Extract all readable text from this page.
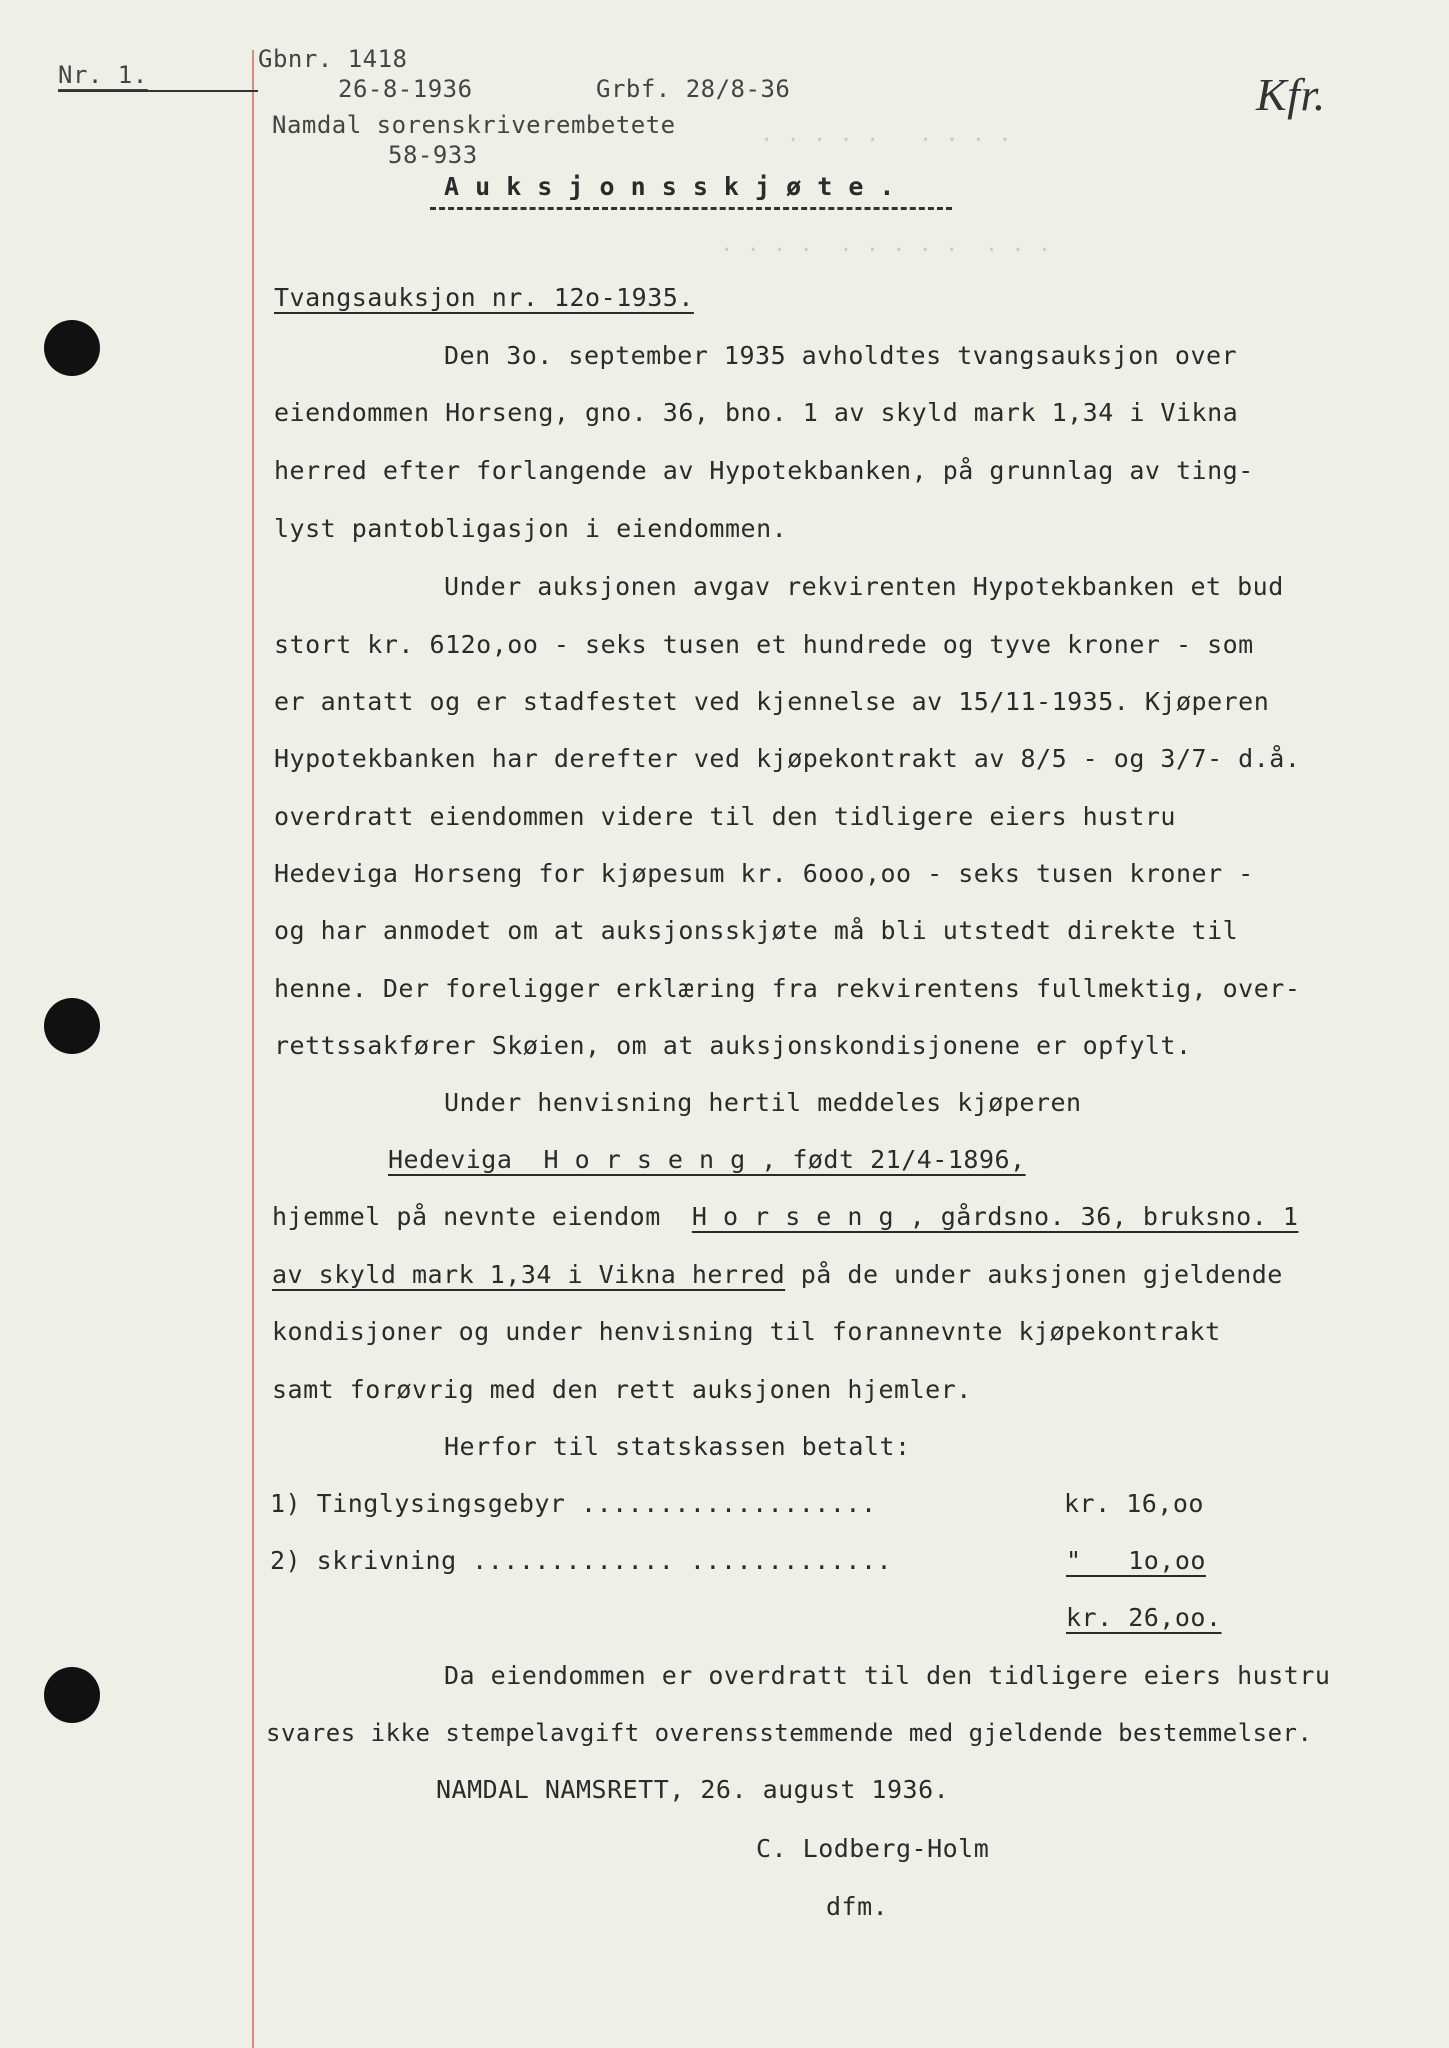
Nr. 1.
Gbnr. 1418
26-8-1936	Grbf. 28/8-36
Namdal sorenskriverembetete
58-933
A u k s j o n s s k j ø t e .
Kfr.
. . . . .   . . . .
. . . .  . . . . .  . . .
Tvangsauksjon nr. 12o-1935.
Den 3o. september 1935 avholdtes tvangsauksjon over
eiendommen Horseng, gno. 36, bno. 1 av skyld mark 1,34 i Vikna
herred efter forlangende av Hypotekbanken, på grunnlag av ting-
lyst pantobligasjon i eiendommen.
Under auksjonen avgav rekvirenten Hypotekbanken et bud
stort kr. 612o,oo - seks tusen et hundrede og tyve kroner - som
er antatt og er stadfestet ved kjennelse av 15/11-1935. Kjøperen
Hypotekbanken har derefter ved kjøpekontrakt av 8/5 - og 3/7- d.å.
overdratt eiendommen videre til den tidligere eiers hustru
Hedeviga Horseng for kjøpesum kr. 6ooo,oo - seks tusen kroner -
og har anmodet om at auksjonsskjøte må bli utstedt direkte til
henne. Der foreligger erklæring fra rekvirentens fullmektig, over-
rettssakfører Skøien, om at auksjonskondisjonene er opfylt.
Under henvisning hertil meddeles kjøperen
Hedeviga  H o r s e n g , født 21/4-1896,
hjemmel på nevnte eiendom  H o r s e n g , gårdsno. 36, bruksno. 1
av skyld mark 1,34 i Vikna herred på de under auksjonen gjeldende
kondisjoner og under henvisning til forannevnte kjøpekontrakt
samt forøvrig med den rett auksjonen hjemler.
Herfor til statskassen betalt:
1) Tinglysingsgebyr ...................	kr. 16,oo
2) skrivning ............. .............	"   1o,oo
kr. 26,oo.
Da eiendommen er overdratt til den tidligere eiers hustru
svares ikke stempelavgift overensstemmende med gjeldende bestemmelser.
NAMDAL NAMSRETT, 26. august 1936.
C. Lodberg-Holm
dfm.
